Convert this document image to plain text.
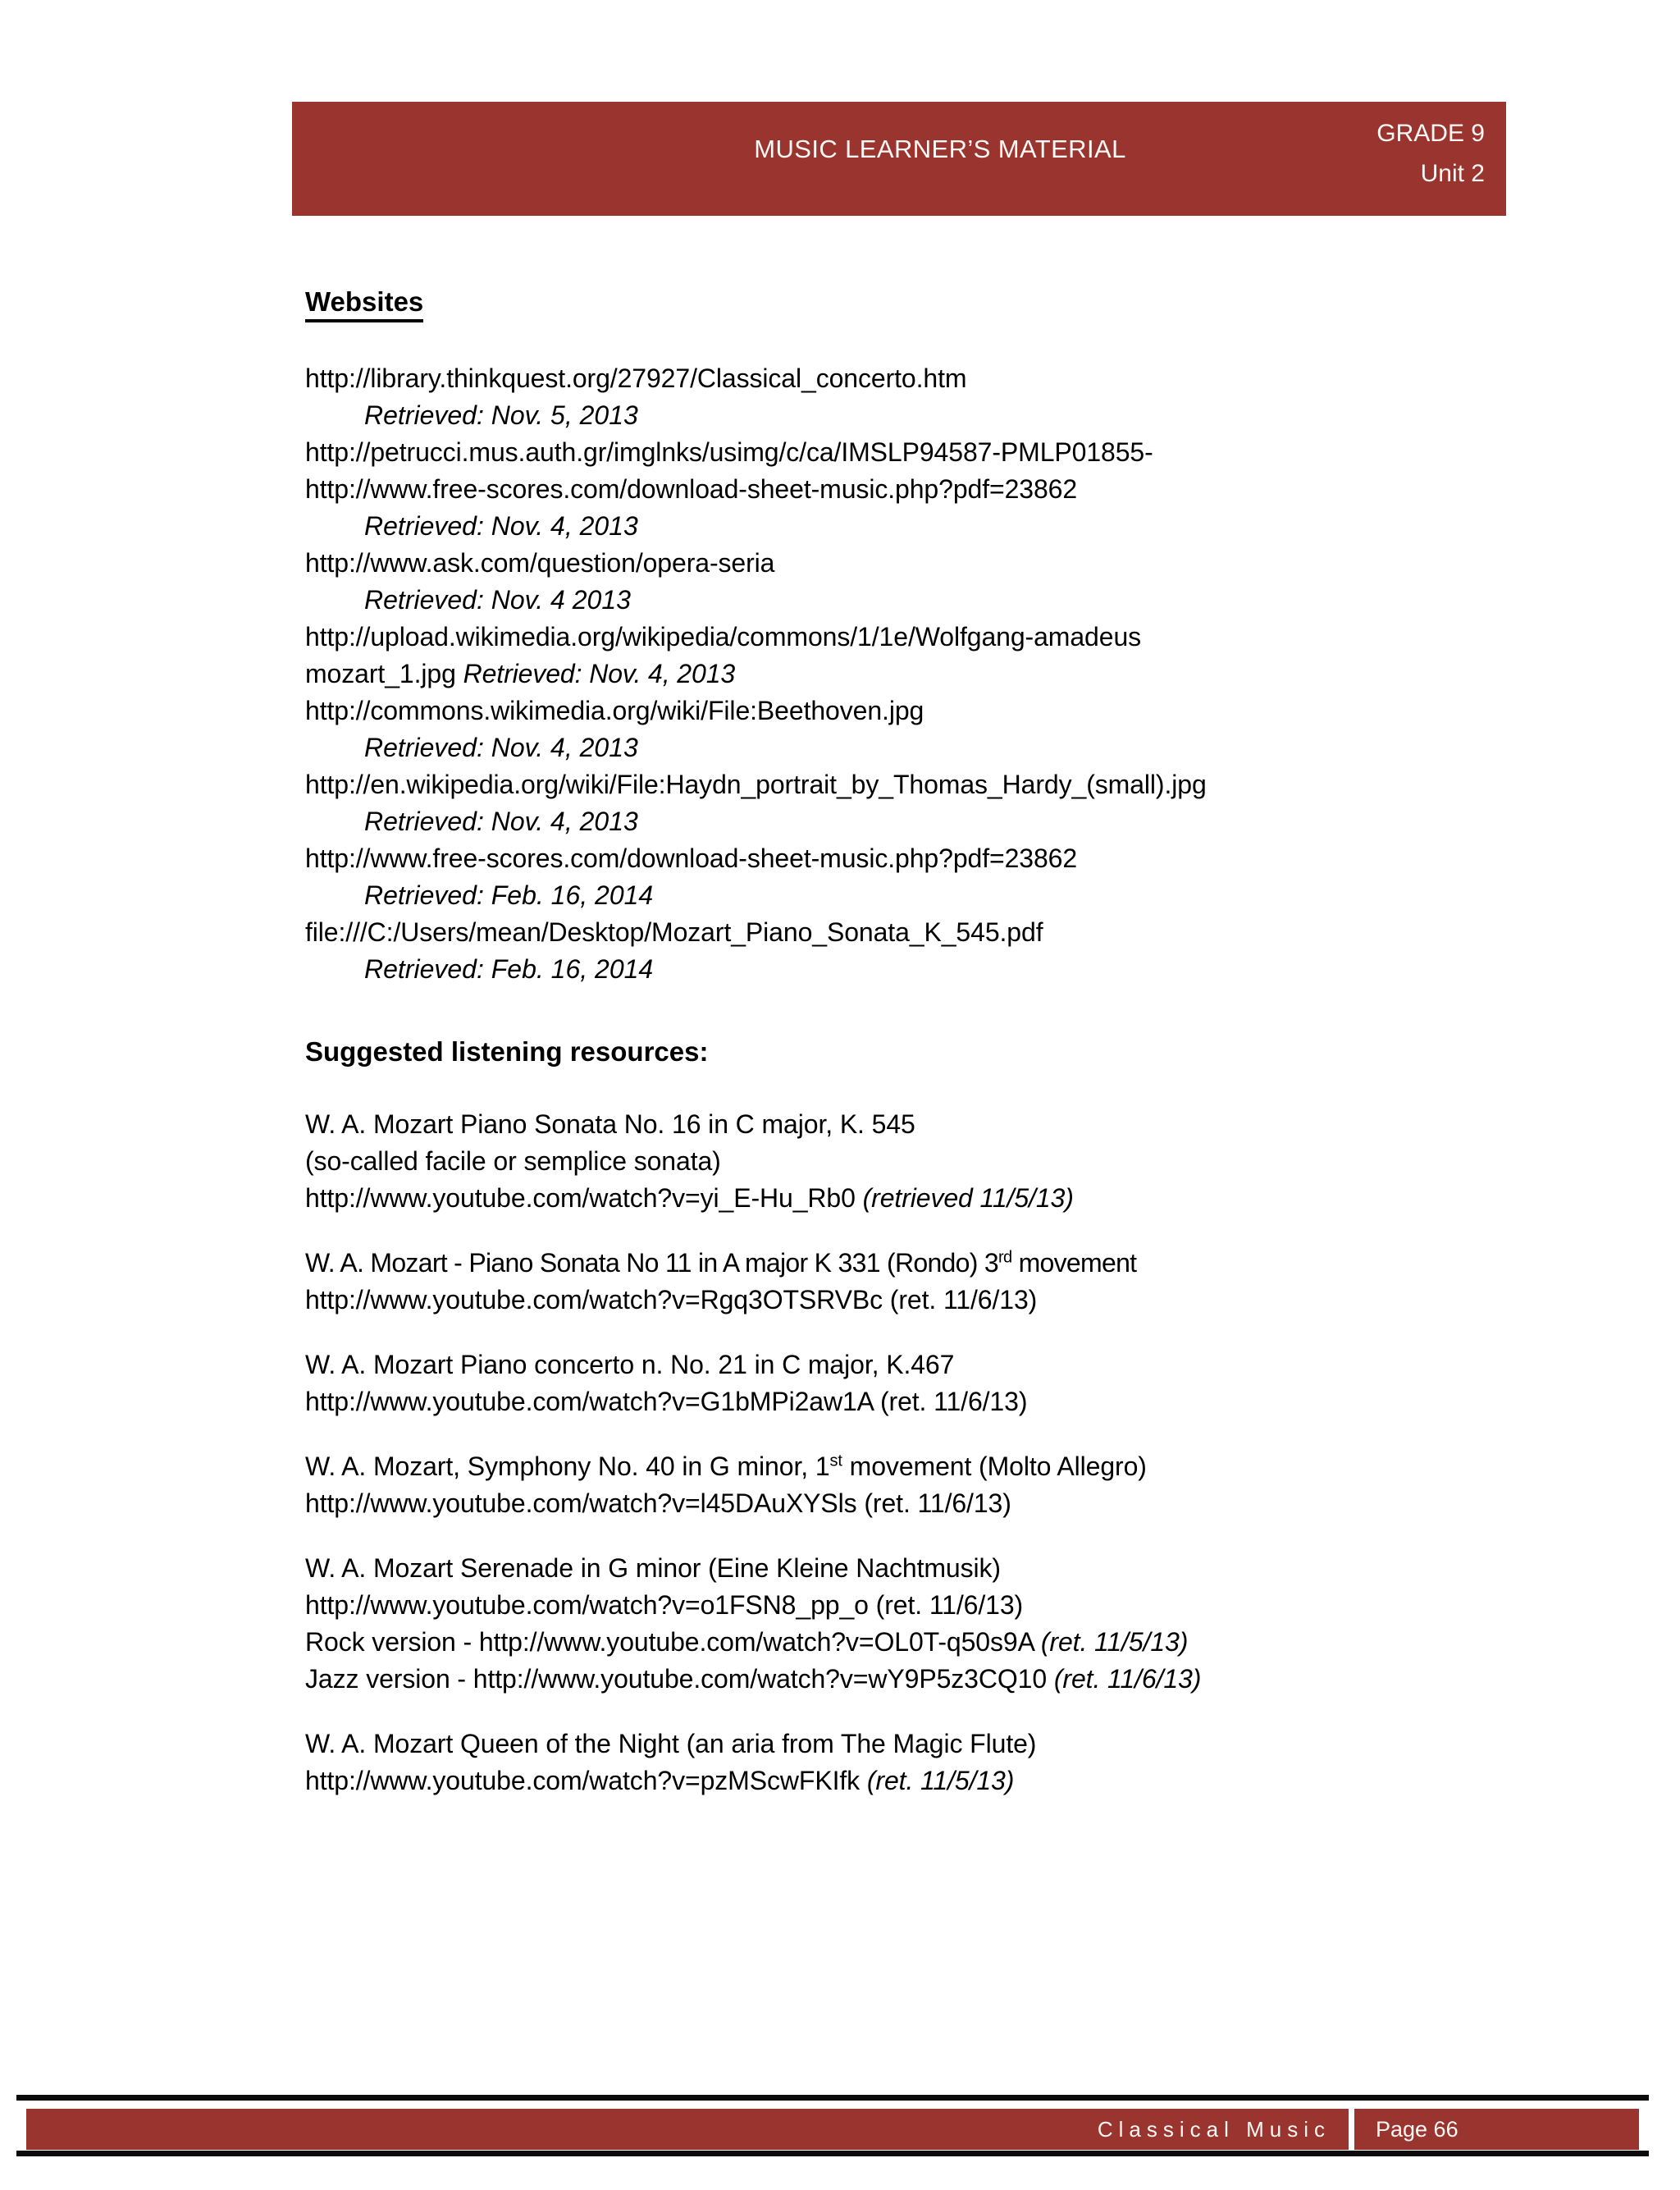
MUSIC LEARNER’S MATERIAL
GRADE 9
Unit 2
Websites
http://library.thinkquest.org/27927/Classical_concerto.htm
Retrieved: Nov. 5, 2013
http://petrucci.mus.auth.gr/imglnks/usimg/c/ca/IMSLP94587-PMLP01855-
http://www.free-scores.com/download-sheet-music.php?pdf=23862
Retrieved: Nov. 4, 2013
http://www.ask.com/question/opera-seria
Retrieved: Nov. 4 2013
http://upload.wikimedia.org/wikipedia/commons/1/1e/Wolfgang-amadeus
mozart_1.jpg Retrieved: Nov. 4, 2013
http://commons.wikimedia.org/wiki/File:Beethoven.jpg
Retrieved: Nov. 4, 2013
http://en.wikipedia.org/wiki/File:Haydn_portrait_by_Thomas_Hardy_(small).jpg
Retrieved: Nov. 4, 2013
http://www.free-scores.com/download-sheet-music.php?pdf=23862
Retrieved: Feb. 16, 2014
file:///C:/Users/mean/Desktop/Mozart_Piano_Sonata_K_545.pdf
Retrieved: Feb. 16, 2014
Suggested listening resources:
W. A. Mozart Piano Sonata No. 16 in C major, K. 545
(so-called facile or semplice sonata)
http://www.youtube.com/watch?v=yi_E-Hu_Rb0 (retrieved 11/5/13)
W. A. Mozart - Piano Sonata No 11 in A major K 331 (Rondo) 3rd movement
http://www.youtube.com/watch?v=Rgq3OTSRVBc (ret. 11/6/13)
W. A. Mozart Piano concerto n. No. 21 in C major, K.467
http://www.youtube.com/watch?v=G1bMPi2aw1A (ret. 11/6/13)
W. A. Mozart, Symphony No. 40 in G minor, 1st movement (Molto Allegro)
http://www.youtube.com/watch?v=l45DAuXYSls (ret. 11/6/13)
W. A. Mozart Serenade in G minor (Eine Kleine Nachtmusik)
http://www.youtube.com/watch?v=o1FSN8_pp_o (ret. 11/6/13)
Rock version - http://www.youtube.com/watch?v=OL0T-q50s9A (ret. 11/5/13)
Jazz version - http://www.youtube.com/watch?v=wY9P5z3CQ10 (ret. 11/6/13)
W. A. Mozart Queen of the Night (an aria from The Magic Flute)
http://www.youtube.com/watch?v=pzMScwFKIfk (ret. 11/5/13)
Classical Music Page 66
